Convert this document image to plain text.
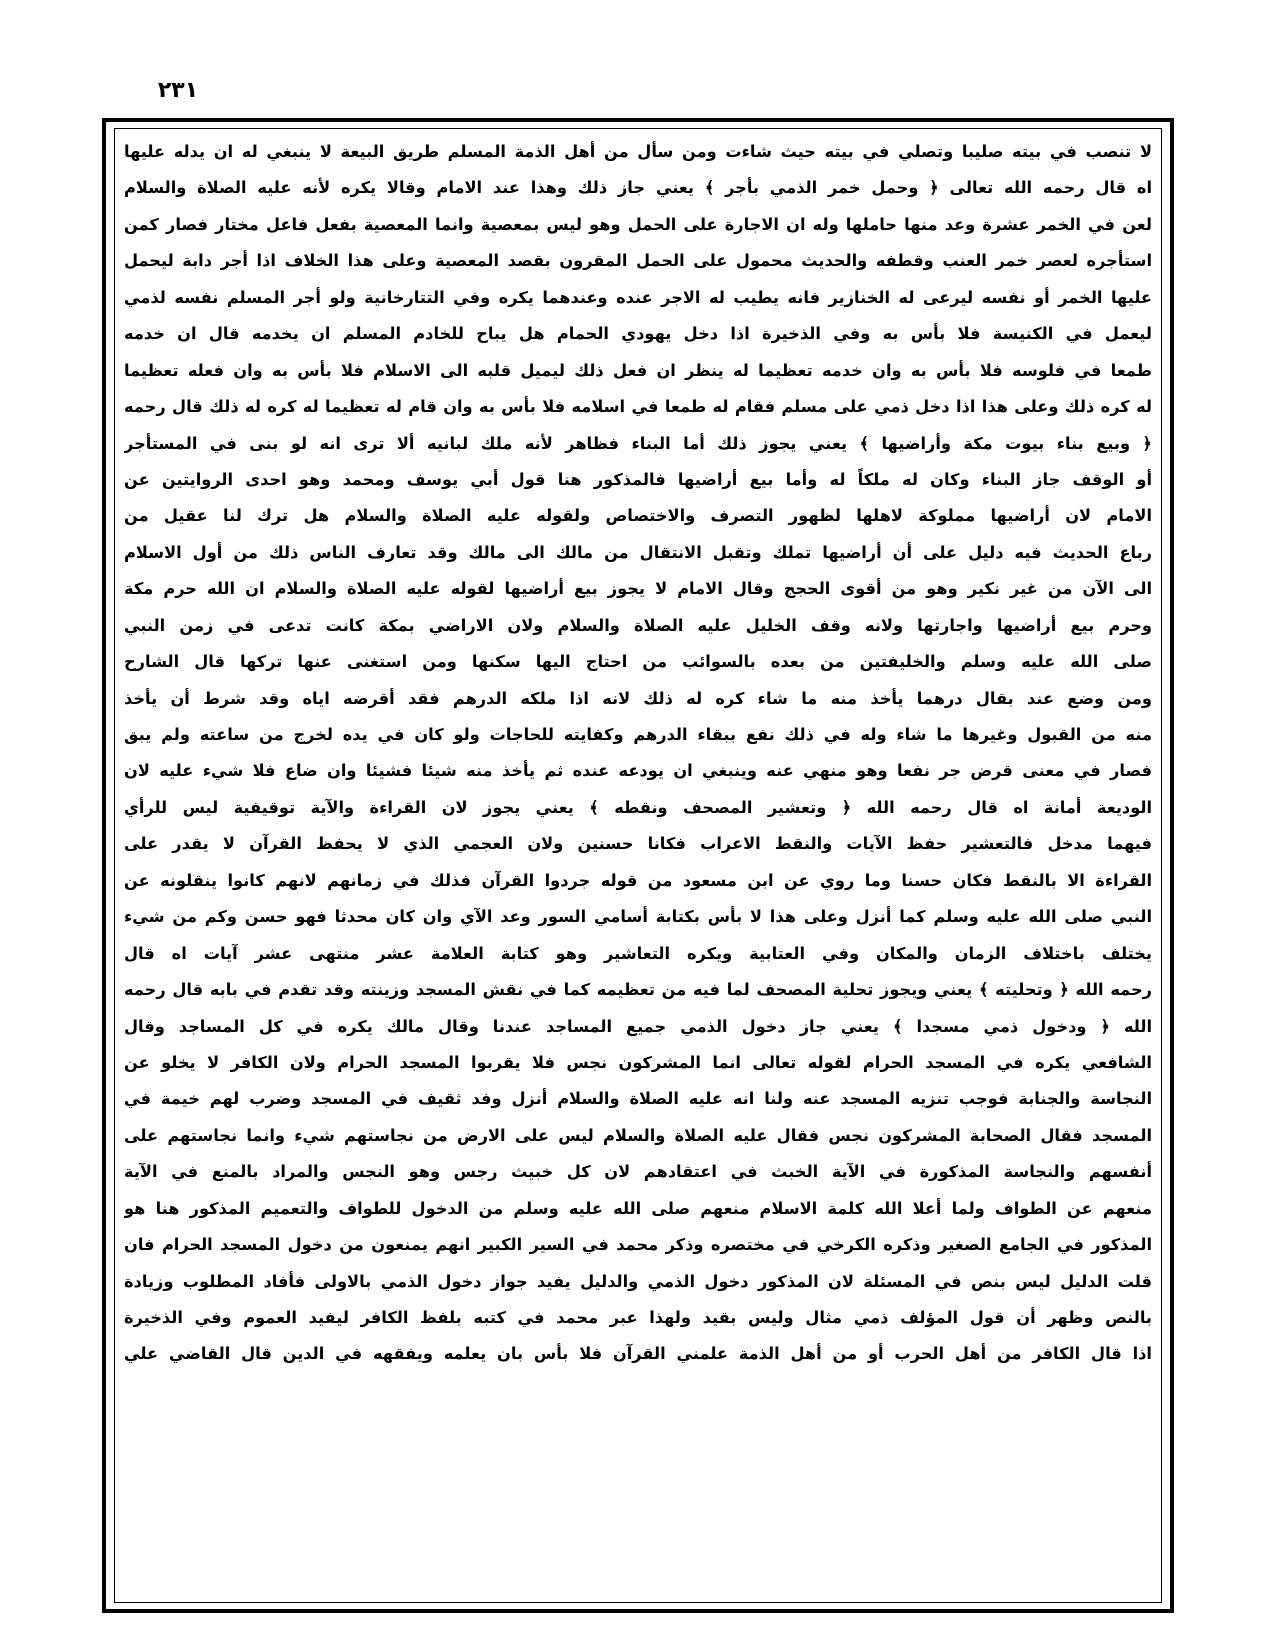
٢٣١
لا تنصب في بيته صليبا وتصلي في بيته حيث شاءت ومن سأل من أهل الذمة المسلم طريق البيعة لا ينبغي له ان يدله عليها
اه قال رحمه الله تعالى ﴿ وحمل خمر الذمي بأجر ﴾ يعني جاز ذلك وهذا عند الامام وقالا يكره لأنه عليه الصلاة والسلام
لعن في الخمر عشرة وعد منها حاملها وله ان الاجارة على الحمل وهو ليس بمعصية وانما المعصية بفعل فاعل مختار فصار كمن
استأجره لعصر خمر العنب وقطفه والحديث محمول على الحمل المقرون بقصد المعصية وعلى هذا الخلاف اذا أجر دابة ليحمل
عليها الخمر أو نفسه ليرعى له الخنازير فانه يطيب له الاجر عنده وعندهما يكره وفي التتارخانية ولو أجر المسلم نفسه لذمي
ليعمل في الكنيسة فلا بأس به وفي الذخيرة اذا دخل يهودي الحمام هل يباح للخادم المسلم ان يخدمه قال ان خدمه
طمعا في فلوسه فلا بأس به وان خدمه تعظيما له ينظر ان فعل ذلك ليميل قلبه الى الاسلام فلا بأس به وان فعله تعظيما
له كره ذلك وعلى هذا اذا دخل ذمي على مسلم فقام له طمعا في اسلامه فلا بأس به وان قام له تعظيما له كره له ذلك قال رحمه
﴿ وبيع بناء بيوت مكة وأراضيها ﴾ يعني يجوز ذلك أما البناء فظاهر لأنه ملك لبانيه ألا ترى انه لو بنى في المستأجر
أو الوقف جاز البناء وكان له ملكاً له وأما بيع أراضيها فالمذكور هنا قول أبي يوسف ومحمد وهو احدى الروايتين عن
الامام لان أراضيها مملوكة لاهلها لظهور التصرف والاختصاص ولقوله عليه الصلاة والسلام هل ترك لنا عقيل من
رباع الحديث فيه دليل على أن أراضيها تملك وتقبل الانتقال من مالك الى مالك وقد تعارف الناس ذلك من أول الاسلام
الى الآن من غير نكير وهو من أقوى الحجج وقال الامام لا يجوز بيع أراضيها لقوله عليه الصلاة والسلام ان الله حرم مكة
وحرم بيع أراضيها واجارتها ولانه وقف الخليل عليه الصلاة والسلام ولان الاراضي بمكة كانت تدعى في زمن النبي
صلى الله عليه وسلم والخليفتين من بعده بالسوائب من احتاج اليها سكنها ومن استغنى عنها تركها قال الشارح
ومن وضع عند بقال درهما يأخذ منه ما شاء كره له ذلك لانه اذا ملكه الدرهم فقد أقرضه اياه وقد شرط أن يأخذ
منه من القبول وغيرها ما شاء وله في ذلك نفع ببقاء الدرهم وكفايته للحاجات ولو كان في يده لخرج من ساعته ولم يبق
فصار في معنى قرض جر نفعا وهو منهي عنه وينبغي ان يودعه عنده ثم يأخذ منه شيئا فشيئا وان ضاع فلا شيء عليه لان
الوديعة أمانة اه قال رحمه الله ﴿ وتعشير المصحف ونقطه ﴾ يعني يجوز لان القراءة والآية توقيفية ليس للرأي
فيهما مدخل فالتعشير حفظ الآيات والنقط الاعراب فكانا حسنين ولان العجمي الذي لا يحفظ القرآن لا يقدر على
القراءة الا بالنقط فكان حسنا وما روي عن ابن مسعود من قوله جردوا القرآن فذلك في زمانهم لانهم كانوا ينقلونه عن
النبي صلى الله عليه وسلم كما أنزل وعلى هذا لا بأس بكتابة أسامي السور وعد الآي وان كان محدثا فهو حسن وكم من شيء
يختلف باختلاف الزمان والمكان وفي العتابية ويكره التعاشير وهو كتابة العلامة عشر منتهى عشر آيات اه قال
رحمه الله ﴿ وتحليته ﴾ يعني ويجوز تحلية المصحف لما فيه من تعظيمه كما في نقش المسجد وزينته وقد تقدم في بابه قال رحمه
الله ﴿ ودخول ذمي مسجدا ﴾ يعني جاز دخول الذمي جميع المساجد عندنا وقال مالك يكره في كل المساجد وقال
الشافعي يكره في المسجد الحرام لقوله تعالى انما المشركون نجس فلا يقربوا المسجد الحرام ولان الكافر لا يخلو عن
النجاسة والجنابة فوجب تنزيه المسجد عنه ولنا انه عليه الصلاة والسلام أنزل وفد ثقيف في المسجد وضرب لهم خيمة في
المسجد فقال الصحابة المشركون نجس فقال عليه الصلاة والسلام ليس على الارض من نجاستهم شيء وانما نجاستهم على
أنفسهم والنجاسة المذكورة في الآية الخبث في اعتقادهم لان كل خبيث رجس وهو النجس والمراد بالمنع في الآية
منعهم عن الطواف ولما أعلا الله كلمة الاسلام منعهم صلى الله عليه وسلم من الدخول للطواف والتعميم المذكور هنا هو
المذكور في الجامع الصغير وذكره الكرخي في مختصره وذكر محمد في السير الكبير انهم يمنعون من دخول المسجد الحرام فان
قلت الدليل ليس بنص في المسئلة لان المذكور دخول الذمي والدليل يفيد جواز دخول الذمي بالاولى فأفاد المطلوب وزيادة
بالنص وظهر أن قول المؤلف ذمي مثال وليس بقيد ولهذا عبر محمد في كتبه بلفظ الكافر ليفيد العموم وفي الذخيرة
اذا قال الكافر من أهل الحرب أو من أهل الذمة علمني القرآن فلا بأس بان يعلمه ويفقهه في الدين قال القاضي علي
